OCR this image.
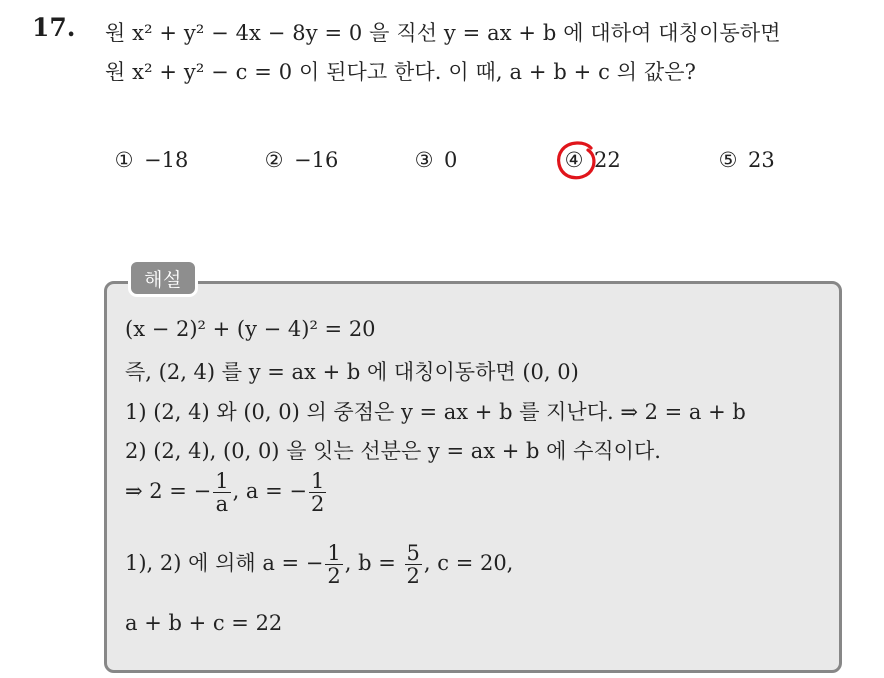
17. 원 x² + y² − 4x − 8y = 0 을 직선 y = ax + b 에 대하여 대칭이동하면
원 x² + y² − c = 0 이 된다고 한다. 이 때, a + b + c 의 값은?
① −18	② −16	③ 0	④ 22	⑤ 23
해설
(x − 2)² + (y − 4)² = 20
즉, (2, 4) 를 y = ax + b 에 대칭이동하면 (0, 0)
1) (2, 4) 와 (0, 0) 의 중점은 y = ax + b 를 지난다. ⇒ 2 = a + b
2) (2, 4), (0, 0) 을 잇는 선분은 y = ax + b 에 수직이다.
⇒ 2 = − $\frac{1}{a}$ , a = − $\frac{1}{2}$
1), 2) 에 의해 a = − $\frac{1}{2}$ , $b = \frac{5}{2}$ , c = 20,
a + b + c = 22
